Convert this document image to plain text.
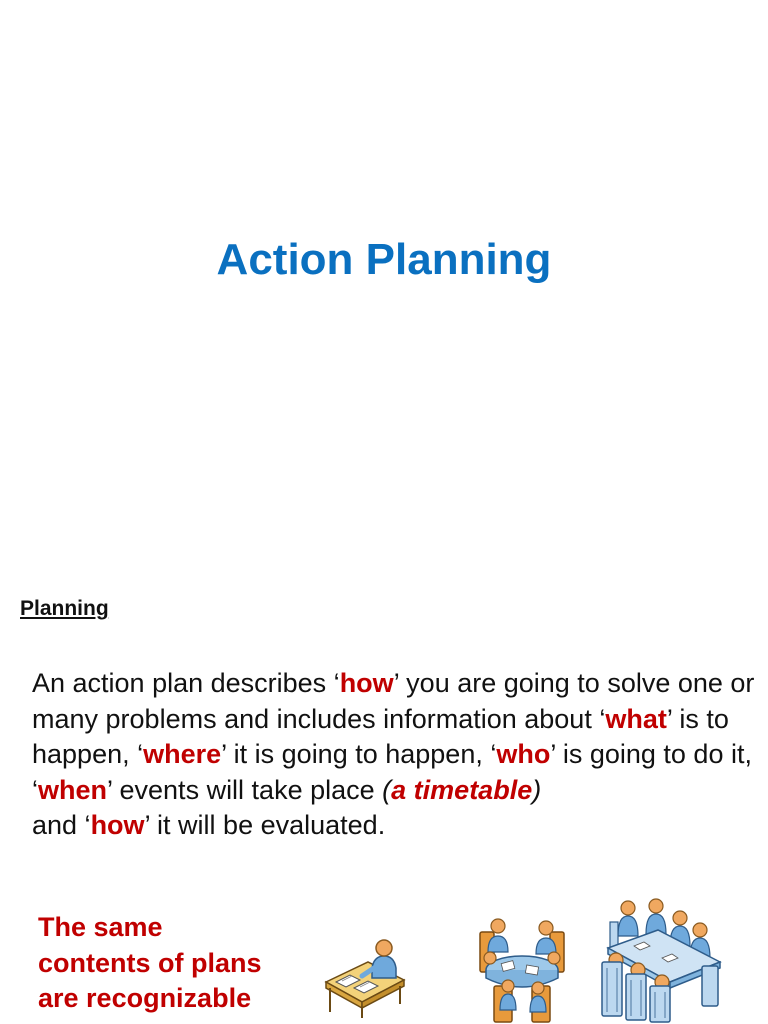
Action Planning
Planning
An action plan describes ‘how’ you are going to solve one or many problems and includes information about ‘what’ is to happen, ‘where’ it is going to happen, ‘who’ is going to do it, ‘when’ events will take place (a timetable)
and ‘how’ it will be evaluated.
The same
contents of plans
are recognizable
